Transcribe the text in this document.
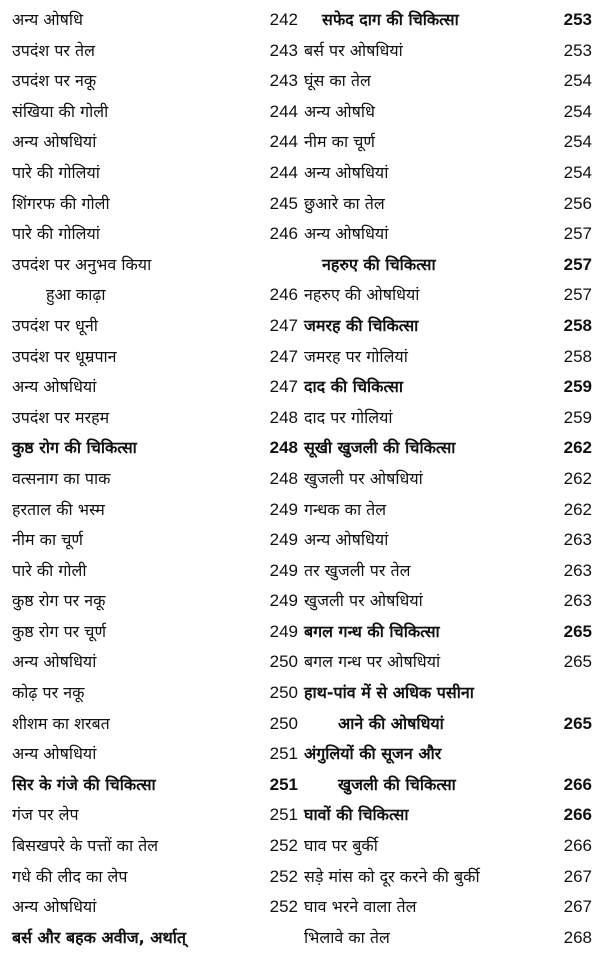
अन्य ओषधि	242
उपदंश पर तेल	243
उपदंश पर नकू	243
संखिया की गोली	244
अन्य ओषधियां	244
पारे की गोलियां	244
शिंगरफ की गोली	245
पारे की गोलियां	246
उपदंश पर अनुभव किया
हुआ काढ़ा	246
उपदंश पर धूनी	247
उपदंश पर धूम्रपान	247
अन्य ओषधियां	247
उपदंश पर मरहम	248
कुष्ठ रोग की चिकित्सा	248
वत्सनाग का पाक	248
हरताल की भस्म	249
नीम का चूर्ण	249
पारे की गोली	249
कुष्ठ रोग पर नकू	249
कुष्ठ रोग पर चूर्ण	249
अन्य ओषधियां	250
कोढ़ पर नकू	250
शीशम का शरबत	250
अन्य ओषधियां	251
सिर के गंजे की चिकित्सा	251
गंज पर लेप	251
बिसखपरे के पत्तों का तेल	252
गधे की लीद का लेप	252
अन्य ओषधियां	252
बर्स और बहक अवीज, अर्थात्
सफेद दाग की चिकित्सा	253
बर्स पर ओषधियां	253
घूंस का तेल	254
अन्य ओषधि	254
नीम का चूर्ण	254
अन्य ओषधियां	254
छुआरे का तेल	256
अन्य ओषधियां	257
नहरुए की चिकित्सा	257
नहरुए की ओषधियां	257
जमरह की चिकित्सा	258
जमरह पर गोलियां	258
दाद की चिकित्सा	259
दाद पर गोलियां	259
सूखी खुजली की चिकित्सा	262
खुजली पर ओषधियां	262
गन्धक का तेल	262
अन्य ओषधियां	263
तर खुजली पर तेल	263
खुजली पर ओषधियां	263
बगल गन्ध की चिकित्सा	265
बगल गन्ध पर ओषधियां	265
हाथ-पांव में से अधिक पसीना
आने की ओषधियां	265
अंगुलियों की सूजन और
खुजली की चिकित्सा	266
घावों की चिकित्सा	266
घाव पर बुर्की	266
सड़े मांस को दूर करने की बुर्की	267
घाव भरने वाला तेल	267
भिलावे का तेल	268
